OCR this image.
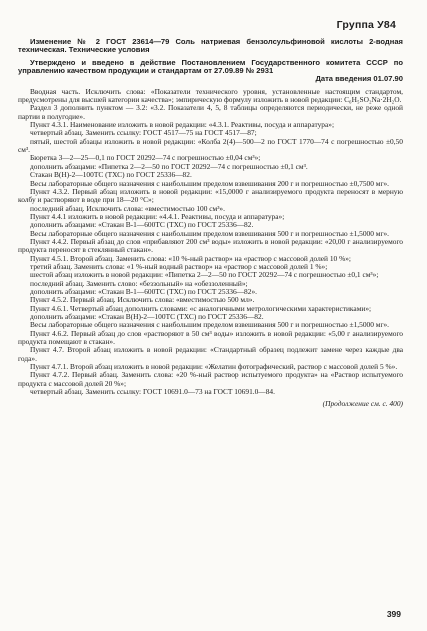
Группа У84

Изменение № 2 ГОСТ 23614—79 Соль натриевая бензолсульфиновой кислоты 2-водная техническая. Технические условия

Утверждено и введено в действие Постановлением Государственного комитета СССР по управлению качеством продукции и стандартам от 27.09.89 № 2931

Дата введения 01.07.90

Вводная часть. Исключить слова: «Показатели технического уровня, установленные настоящим стандартом, предусмотрены для высшей категории качества»; эмпирическую формулу изложить в новой редакции: C₆H₅SO₂Na·2H₂O.

Раздел 3 дополнить пунктом — 3.2: «3.2. Показатели 4, 5, 8 таблицы определяются периодически, не реже одной партии в полугодие».

Пункт 4.3.1. Наименование изложить в новой редакции: «4.3.1. Реактивы, посуда и аппаратура»;

четвертый абзац. Заменить ссылку: ГОСТ 4517—75 на ГОСТ 4517—87;

пятый, шестой абзацы изложить в новой редакции: «Колба 2(4)—500—2 по ГОСТ 1770—74 с погрешностью ±0,50 см³.

Бюретка 3—2—25—0,1 по ГОСТ 20292—74 с погрешностью ±0,04 см³»;

дополнить абзацами: «Пипетка 2—2—50 по ГОСТ 20292—74 с погрешностью ±0,1 см³.

Стакан В(Н)-2—100ТС (ТХС) по ГОСТ 25336—82.

Весы лабораторные общего назначения с наибольшим пределом взвешивания 200 г и погрешностью ±0,7500 мг».

Пункт 4.3.2. Первый абзац изложить в новой редакции: «15,0000 г анализируемого продукта переносят в мерную колбу и растворяют в воде при 18—20 °С»;

последний абзац. Исключить слова: «вместимостью 100 см³».

Пункт 4.4.1 изложить в новой редакции: «4.4.1. Реактивы, посуда и аппаратура»;

дополнить абзацами: «Стакан В-1—600ТС (ТХС) по ГОСТ 25336—82.

Весы лабораторные общего назначения с наибольшим пределом взвешивания 500 г и погрешностью ±1,5000 мг».

Пункт 4.4.2. Первый абзац до слов «прибавляют 200 см³ воды» изложить в новой редакции: «20,00 г анализируемого продукта переносят в стеклянный стакан».

Пункт 4.5.1. Второй абзац. Заменить слова: «10 %-ный раствор» на «раствор с массовой долей 10 %»;

третий абзац. Заменить слова: «1 %-ный водный раствор» на «раствор с массовой долей 1 %»;

шестой абзац изложить в новой редакции: «Пипетка 2—2—50 по ГОСТ 20292—74 с погрешностью ±0,1 см³»;

последний абзац. Заменить слово: «беззольный» на «обеззоленный»;

дополнить абзацами: «Стакан В-1—600ТС (ТХС) по ГОСТ 25336—82».

Пункт 4.5.2. Первый абзац. Исключить слова: «вместимостью 500 мл».

Пункт 4.6.1. Четвертый абзац дополнить словами: «с аналогичными метрологическими характеристиками»;

дополнить абзацами: «Стакан В(Н)-2—100ТС (ТХС) по ГОСТ 25336—82.

Весы лабораторные общего назначения с наибольшим пределом взвешивания 500 г и погрешностью ±1,5000 мг».

Пункт 4.6.2. Первый абзац до слов «растворяют в 50 см³ воды» изложить в новой редакции: «5,00 г анализируемого продукта помещают в стакан».

Пункт 4.7. Второй абзац изложить в новой редакции: «Стандартный образец подлежит замене через каждые два года».

Пункт 4.7.1. Второй абзац изложить в новой редакции: «Желатин фотографический, раствор с массовой долей 5 %».

Пункт 4.7.2. Первый абзац. Заменить слова: «20 %-ный раствор испытуемого продукта» на «Раствор испытуемого продукта с массовой долей 20 %»;

четвертый абзац. Заменить ссылку: ГОСТ 10691.0—73 на ГОСТ 10691.0—84.

(Продолжение см. с. 400)

399
